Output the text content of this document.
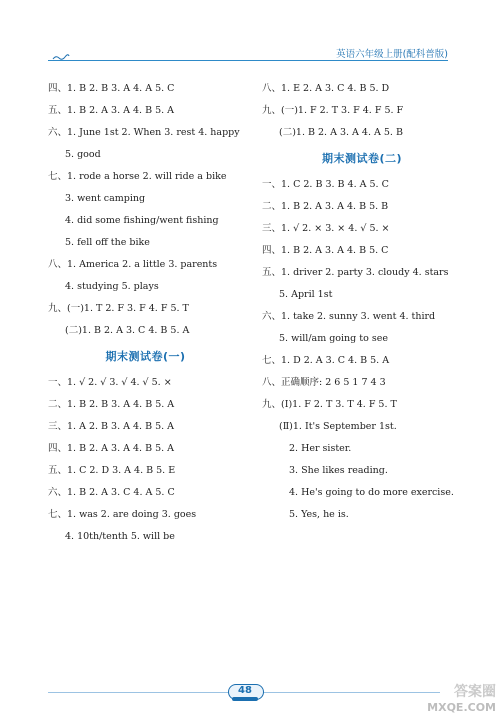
英语六年级上册(配科普版)
四、1. B 2. B 3. A 4. A 5. C
五、1. B 2. A 3. A 4. B 5. A
六、1. June 1st 2. When 3. rest 4. happy
5. good
七、1. rode a horse 2. will ride a bike
3. went camping
4. did some fishing/went fishing
5. fell off the bike
八、1. America 2. a little 3. parents
4. studying 5. plays
九、(一)1. T 2. F 3. F 4. F 5. T
(二)1. B 2. A 3. C 4. B 5. A
期末测试卷(一)
一、1. √ 2. √ 3. √ 4. √ 5. ×
二、1. B 2. B 3. A 4. B 5. A
三、1. A 2. B 3. A 4. B 5. A
四、1. B 2. A 3. A 4. B 5. A
五、1. C 2. D 3. A 4. B 5. E
六、1. B 2. A 3. C 4. A 5. C
七、1. was 2. are doing 3. goes
4. 10th/tenth 5. will be
八、1. E 2. A 3. C 4. B 5. D
九、(一)1. F 2. T 3. F 4. F 5. F
(二)1. B 2. A 3. A 4. A 5. B
期末测试卷(二)
一、1. C 2. B 3. B 4. A 5. C
二、1. B 2. A 3. A 4. B 5. B
三、1. √ 2. × 3. × 4. √ 5. ×
四、1. B 2. A 3. A 4. B 5. C
五、1. driver 2. party 3. cloudy 4. stars
5. April 1st
六、1. take 2. sunny 3. went 4. third
5. will/am going to see
七、1. D 2. A 3. C 4. B 5. A
八、正确顺序: 2 6 5 1 7 4 3
九、(Ⅰ)1. F 2. T 3. T 4. F 5. T
(Ⅱ)1. It's September 1st.
2. Her sister.
3. She likes reading.
4. He's going to do more exercise.
5. Yes, he is.
48	答案圈
MXQE.COM
